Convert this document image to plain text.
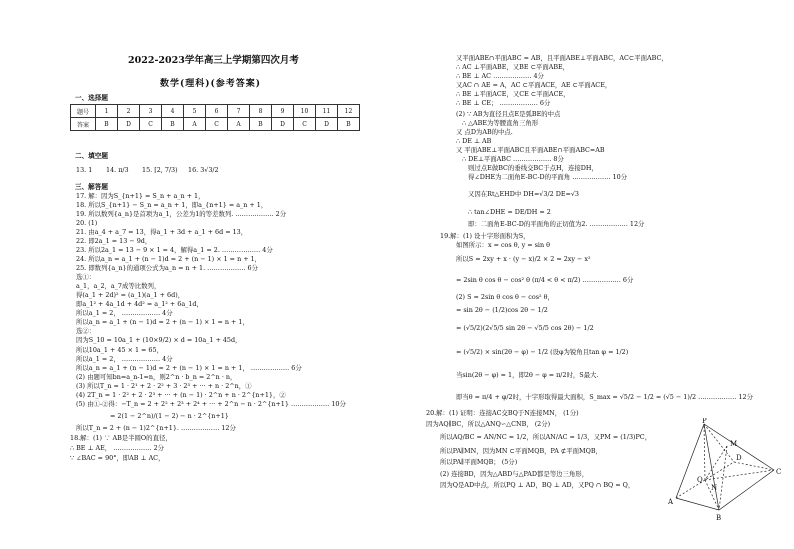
2022-2023学年高三上学期第四次月考
数学(理科)(参考答案)
一、选择题
题号	1	2	3	4	5	6	7	8	9	10	11	12
答案	B	D	C	B	A	C	A	B	D	C	D	B
二、填空题
13. 1 14. π/3 15. [2, 7/3) 16. 3√3/2
三、解答题
17. 解：因为S_{n+1} = S_n + a_n + 1，
18. 所以S_{n+1} − S_n = a_n + 1，即a_{n+1} = a_n + 1，
19. 所以数列{a_n}是首项为a_1，公差为1的等差数列. ……………… 2分
20. (1)
21. 由a_4 + a_7 = 13，得a_1 + 3d + a_1 + 6d = 13，
22. 即2a_1 = 13 − 9d，
23. 所以2a_1 = 13 − 9 × 1 = 4，解得a_1 = 2. ……………… 4分
24. 所以a_n = a_1 + (n − 1)d = 2 + (n − 1) × 1 = n + 1，
25. 即数列{a_n}的通项公式为a_n = n + 1. ……………… 6分
选①：
a_1，a_2，a_7成等比数列，
得(a_1 + 2d)² = (a_1)(a_1 + 6d)，
即a_1² + 4a_1d + 4d² = a_1² + 6a_1d，
所以a_1 = 2， ……………… 4分
所以a_n = a_1 + (n − 1)d = 2 + (n − 1) × 1 = n + 1，
选②：
因为S_10 = 10a_1 + (10×9/2) × d = 10a_1 + 45d，
所以10a_1 + 45 × 1 = 65，
所以a_1 = 2， ……………… 4分
所以a_n = a_1 + (n − 1)d = 2 + (n − 1) × 1 = n + 1， ……………… 6分
(2) 由题可知bn=a_n-1=n，则2^n · b_n = 2^n · n，
(3) 所以T_n = 1 · 2¹ + 2 · 2² + 3 · 2³ + ··· + n · 2^n，①
(4) 2T_n = 1 · 2² + 2 · 2³ + ··· + (n − 1) · 2^n + n · 2^{n+1}，②
(5) 由①-②得：−T_n = 2 + 2² + 2³ + 2⁴ + ··· + 2^n − n · 2^{n+1} ……………… 10分
= 2(1 − 2^n)/(1 − 2) − n · 2^{n+1}
所以T_n = 2 + (n − 1)2^{n+1}. ……………… 12分
18.解：(1) ∵ AB是半圆O的直径，
∴ BE ⊥ AE， ……………… 2分
∵ ∠BAC = 90°，即AB ⊥ AC，
又平面ABE∩平面ABC = AB，且平面ABE⊥平面ABC，AC⊂平面ABC，
∴ AC ⊥平面ABE，又BE ⊂平面ABE，
∴ BE ⊥ AC ……………… 4分
又AC ∩ AE = A，AC ⊂平面ACE，AE ⊂平面ACE，
∴ BE ⊥平面ACE，又CE ⊂平面ACE，
∴ BE ⊥ CE； ……………… 6分
(2) ∵ AB为直径且点E是弧BE的中点
∴ △ABE为等腰直角三角形
又 点D为AB的中点.
∴ DE ⊥ AB
又 平面ABE⊥平面ABC且平面ABE∩平面ABC=AB
∴ DE⊥平面ABC ……………… 8分
则过点E做BC的垂线交BC于点H，连接DH，
得∠DHE为二面角E-BC-D的平面角 ……………… 10分
又因在Rt△EHD中 DH=√3/2 DE=√3
∴ tan∠DHE = DE/DH = 2
即：二面角E-BC-D的平面角的正切值为2. ……………… 12分
19.解：(1) 设十字形面积为S，
如图所示：x = cos θ, y = sin θ
所以S = 2xy + x · (y − x)/2 × 2 = 2xy − x²
= 2sin θ cos θ − cos² θ (π/4 < θ < π/2) ……………… 6分
(2) S = 2sin θ cos θ − cos² θ，
= sin 2θ − (1/2)cos 2θ − 1/2
= (√5/2)(2√5/5 sin 2θ − √5/5 cos 2θ) − 1/2
= (√5/2) × sin(2θ − φ) − 1/2 (设φ为锐角且tan φ = 1/2)
当sin(2θ − φ) = 1，即2θ − φ = π/2时，S最大.
即当θ = π/4 + φ/2时，十字形取得最大面积，S_max = √5/2 − 1/2 = (√5 − 1)/2 ……………… 12分
20.解：(1) 证明：连接AC交BQ于N连接MN， (1分)
因为AQ∥BC，所以△ANQ∽△CNB， (2分)
所以AQ/BC = AN/NC = 1/2，所以AN/AC = 1/3，又PM = (1/3)PC，
所以PA∥MN，因为MN ⊂平面MQB，PA ⊄平面MQB，
所以PA∥平面MQB； (5分)
(2) 连接BD，因为△ABD与△PAD都是等边三角形，
因为Q是AD中点，所以PQ ⊥ AD，BQ ⊥ AD，又PQ ∩ BQ = Q，
P
M
D
Q
N
A
B
C
